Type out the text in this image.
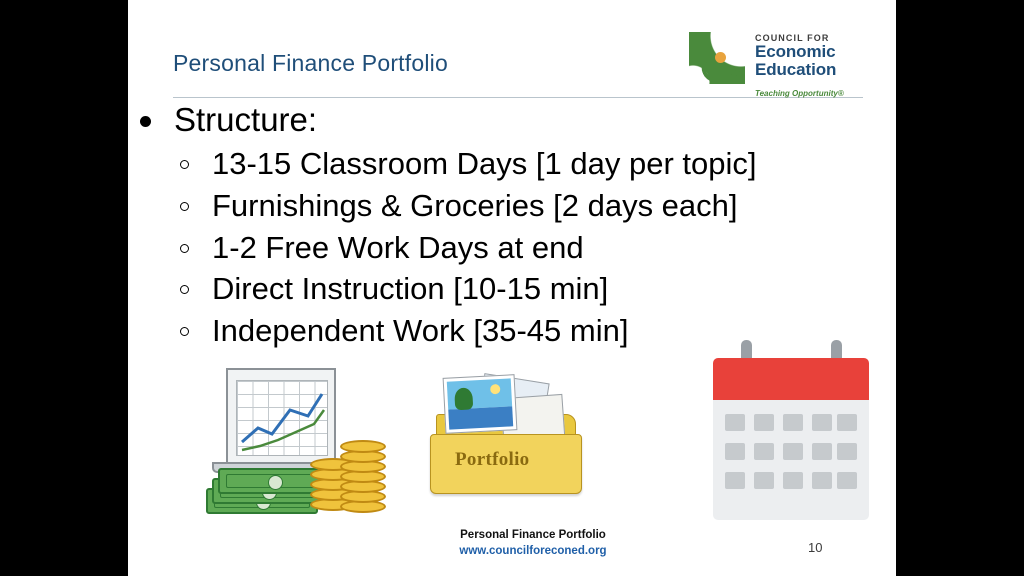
Personal Finance Portfolio
COUNCIL FOR
Economic
Education
Teaching Opportunity®
Structure:
13-15 Classroom Days [1 day per topic]
Furnishings & Groceries [2 days each]
1-2 Free Work Days at end
Direct Instruction [10-15 min]
Independent Work [35-45 min]
Portfolio
Personal Finance Portfolio
www.councilforeconed.org	10
